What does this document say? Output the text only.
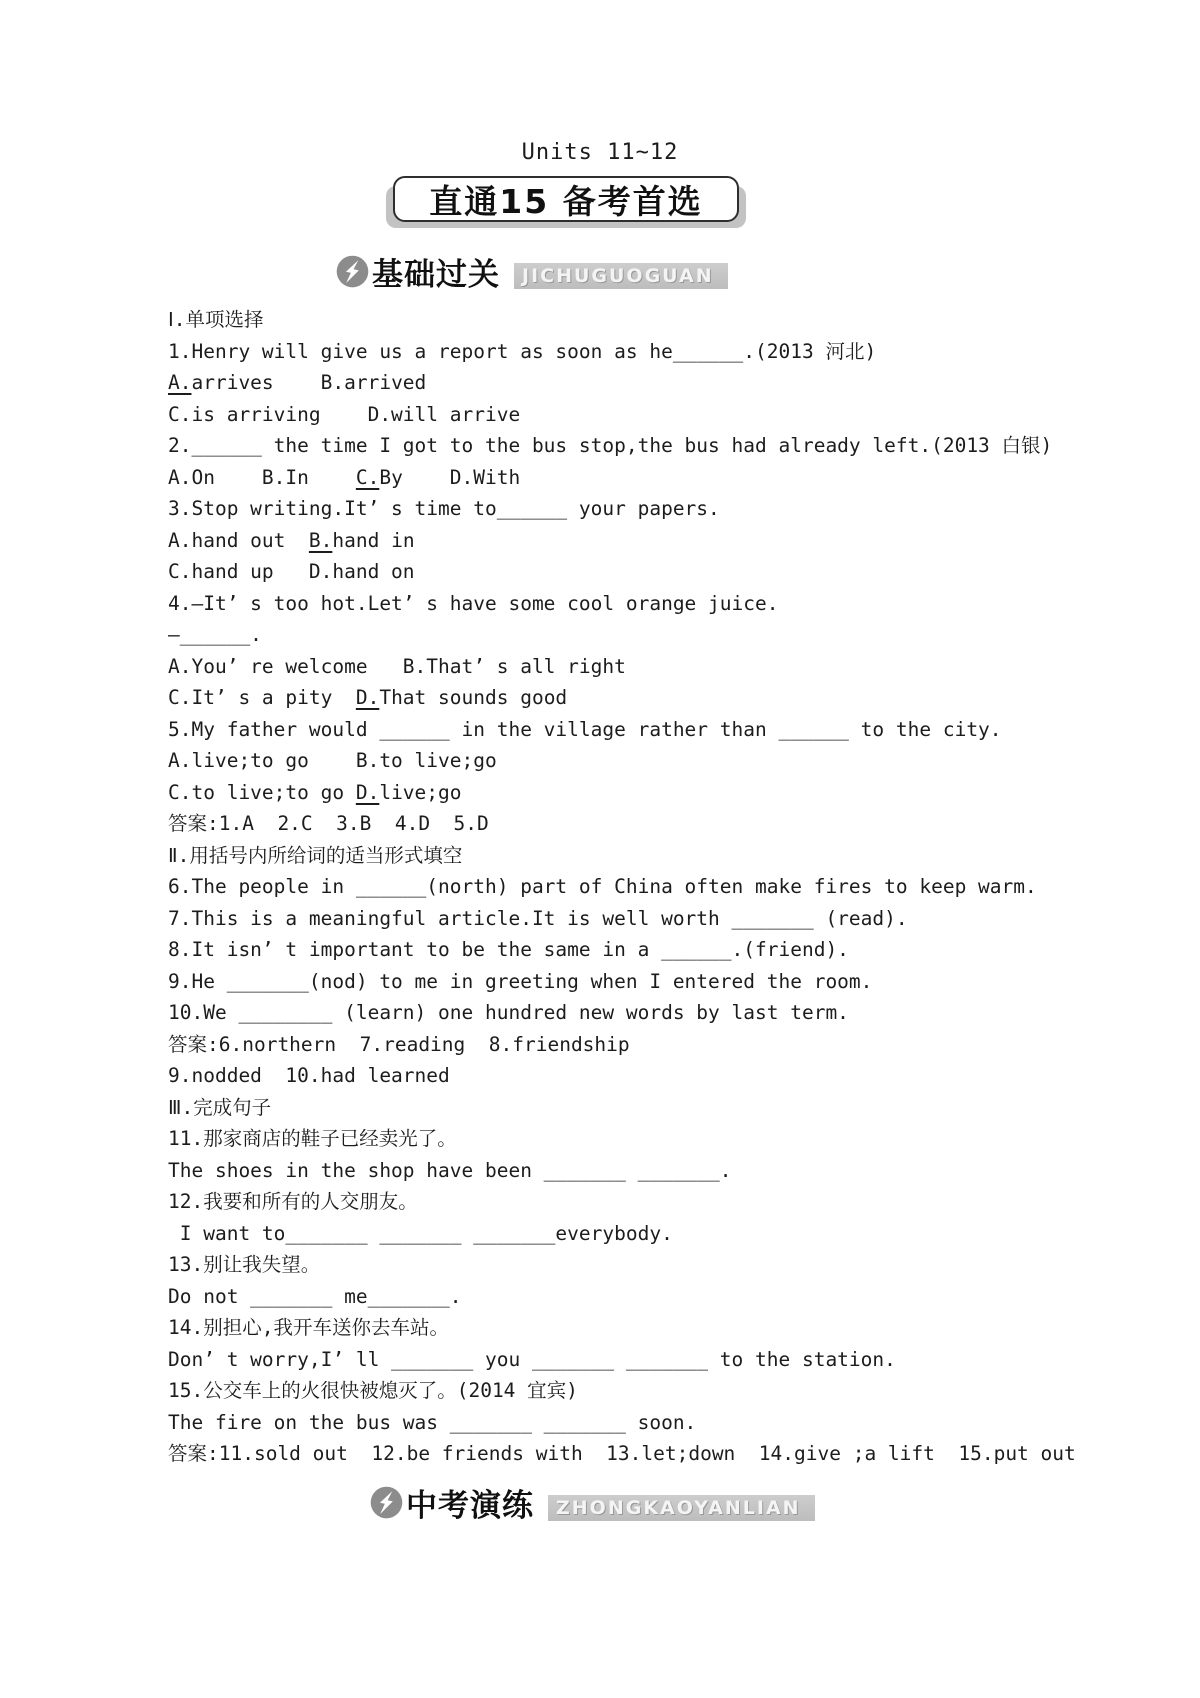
Units 11~12
直通15 备考首选
基础过关	JICHUGUOGUAN
Ⅰ.单项选择
1.Henry will give us a report as soon as he______.(2013 河北)
A.arrives    B.arrived
C.is arriving    D.will arrive
2.______ the time I got to the bus stop,the bus had already left.(2013 白银)
A.On    B.In    C.By    D.With
3.Stop writing.It’ s time to______ your papers.
A.hand out  B.hand in
C.hand up   D.hand on
4.—It’ s too hot.Let’ s have some cool orange juice.
—______.
A.You’ re welcome   B.That’ s all right
C.It’ s a pity  D.That sounds good
5.My father would ______ in the village rather than ______ to the city.
A.live;to go    B.to live;go
C.to live;to go D.live;go
答案:1.A  2.C  3.B  4.D  5.D
Ⅱ.用括号内所给词的适当形式填空
6.The people in ______(north) part of China often make fires to keep warm.
7.This is a meaningful article.It is well worth _______ (read).
8.It isn’ t important to be the same in a ______.(friend).
9.He _______(nod) to me in greeting when I entered the room.
10.We ________ (learn) one hundred new words by last term.
答案:6.northern  7.reading  8.friendship
9.nodded  10.had learned
Ⅲ.完成句子
11.那家商店的鞋子已经卖光了。
The shoes in the shop have been _______ _______.
12.我要和所有的人交朋友。
I want to_______ _______ _______everybody.
13.别让我失望。
Do not _______ me_______.
14.别担心,我开车送你去车站。
Don’ t worry,I’ ll _______ you _______ _______ to the station.
15.公交车上的火很快被熄灭了。(2014 宜宾)
The fire on the bus was _______ _______ soon.
答案:11.sold out  12.be friends with  13.let;down  14.give ;a lift  15.put out
中考演练	ZHONGKAOYANLIAN
